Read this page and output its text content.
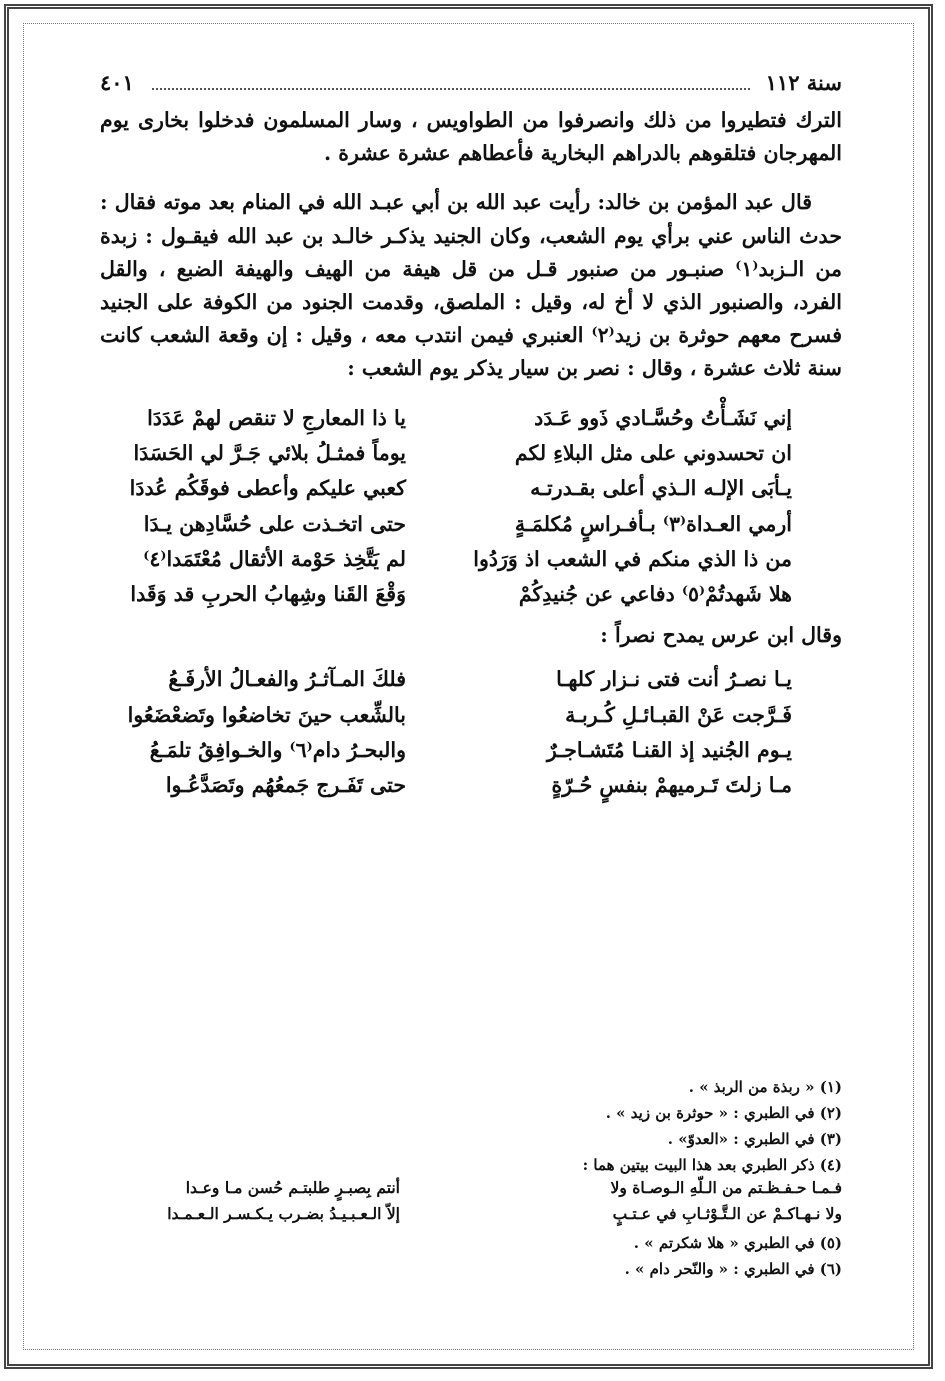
سنة ١١٢
٤٠١

الترك فتطيروا من ذلك وانصرفوا من الطواويس ، وسار المسلمون فدخلوا بخارى يوم المهرجان فتلقوهم بالدراهم البخارية فأعطاهم عشرة عشرة .

قال عبد المؤمن بن خالد: رأيت عبد الله بن أبي عبـد الله في المنام بعد موته فقال : حدث الناس عني برأي يوم الشعب، وكان الجنيد يذكـر خالـد بن عبد الله فيقـول : زبدة من الـزبد⁽١⁾ صنبـور من صنبور قـل من قل هيفة من الهيف والهيفة الضبع ، والقل الفرد، والصنبور الذي لا أخ له، وقيل : الملصق، وقدمت الجنود من الكوفة على الجنيد فسرح معهم حوثرة بن زيد⁽٢⁾ العنبري فيمن انتدب معه ، وقيل : إن وقعة الشعب كانت سنة ثلاث عشرة ، وقال : نصر بن سيار يذكر يوم الشعب :

إني نَشَـأْتُ وحُسَّـادي ذَوو عَـدَد
يا ذا المعارجِ لا تنقص لهمْ عَدَدَا
ان تحسدوني على مثل البلاءِ لكم
يوماً فمثـلُ بلائي جَـرَّ لي الحَسَدَا
يـأبَى الإلـه الـذي أعلى بقـدرتـه
كعبي عليكم وأعطى فوقَكُم عُددَا
أرمي العـداة⁽٣⁾ بـأفـراسٍ مُكلمَـةٍ
حتى اتخـذت على حُسَّادِهن يـدَا
من ذا الذي منكم في الشعب اذ وَرَدُوا
لم يَتَّخِذ حَوْمة الأثقال مُعْتَمَدا⁽٤⁾
هلا شَهدتُمْ⁽٥⁾ دفاعي عن جُنيدِكُمْ
وَقْعَ القَنا وشِهابُ الحربِ قد وَقَدا
وقال ابن عرس يمدح نصراً :
يـا نصـرُ أنت فتى نـزار كلهـا
فلكَ المـآثـرُ والفعـالُ الأرفَـعُ
فَـرَّجت عَنْ القبـائـلِ كُـربـة
بالشِّعب حينَ تخاضعُوا وتَضعْضَعُوا
يـوم الجُنيد إذ القنـا مُتَشـاجـرٌ
والبحـرُ دام⁽٦⁾ والخـوافِقُ تلمَـعُ
مـا زلتَ تَـرميهمْ بنفسٍ حُـرّةٍ
حتى تَفَـرج جَمعُهُم وتَصَدَّعُـوا
(١) « ربذة من الربذ » .
(٢) في الطبري : « حوثرة بن زيد » .
(٣) في الطبري : «العدوّ» .
(٤) ذكر الطبري بعد هذا البيت بيتين هما :
فـمـا حـفـظـتم من الـلّهِ الـوصـاة ولا
أنتم بِصبـرٍ طلبتـم حُسن مـا وعـدا
ولا نـهـاكـمْ عن الـتَّـوْثـابِ في عـتـبٍ
إلاّ الـعـبـيـدُ بضـرب يـكـسـر الـعـمـدا
(٥) في الطبري « هلا شكرتم » .
(٦) في الطبري : « والنّحر دام » .
